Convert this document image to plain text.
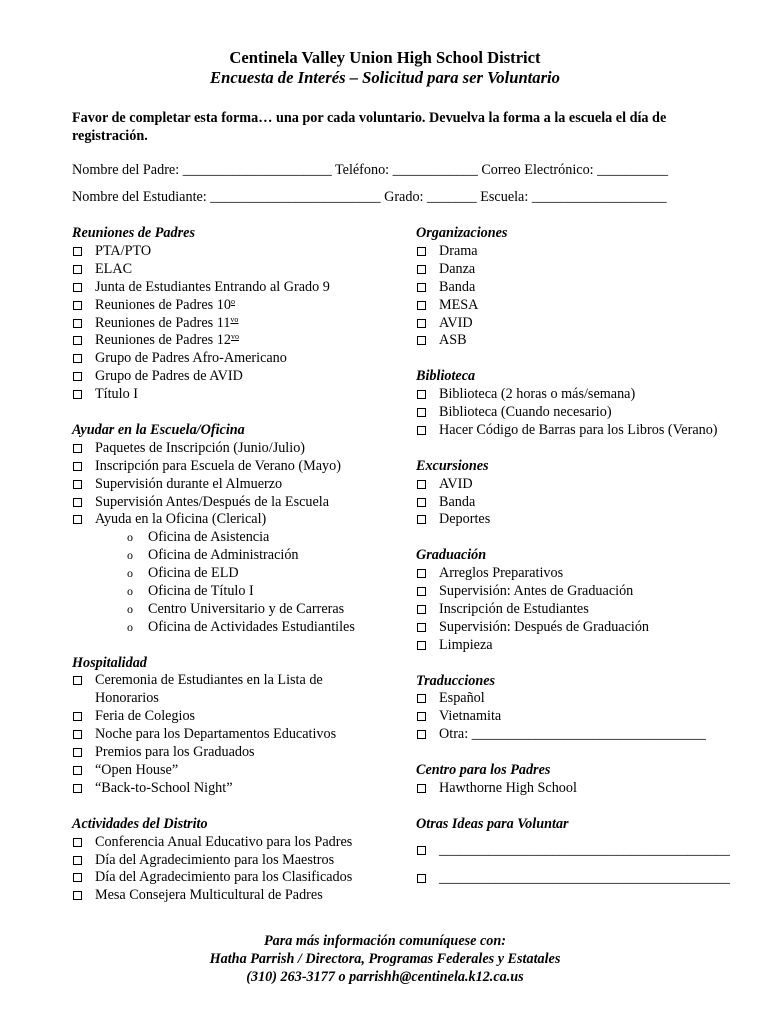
Centinela Valley Union High School District
Encuesta de Interés – Solicitud para ser Voluntario
Favor de completar esta forma… una por cada voluntario. Devuelva la forma a la escuela el día de registración.
Nombre del Padre: _____________________ Teléfono: ____________ Correo Electrónico: __________
Nombre del Estudiante: ________________________ Grado: _______ Escuela: ___________________
Reuniones de Padres
PTA/PTO
ELAC
Junta de Estudiantes Entrando al Grado 9
Reuniones de Padres 10$^o$
Reuniones de Padres $11^{vo}$
Reuniones de Padres $12^{vo}$
Grupo de Padres Afro-Americano
Grupo de Padres de AVID
Título I
Ayudar en la Escuela/Oficina
Paquetes de Inscripción (Junio/Julio)
Inscripción para Escuela de Verano (Mayo)
Supervisión durante el Almuerzo
Supervisión Antes/Después de la Escuela
Ayuda en la Oficina (Clerical)
o Oficina de Asistencia
o Oficina de Administración
o Oficina de ELD
o Oficina de Título I
o Centro Universitario y de Carreras
o Oficina de Actividades Estudiantiles
Hospitalidad
Ceremonia de Estudiantes en la Lista de Honorarios
Feria de Colegios
Noche para los Departamentos Educativos
Premios para los Graduados
“Open House”
“Back-to-School Night”
Actividades del Distrito
Conferencia Anual Educativo para los Padres
Día del Agradecimiento para los Maestros
Día del Agradecimiento para los Clasificados
Mesa Consejera Multicultural de Padres
Organizaciones
Drama
Danza
Banda
MESA
AVID
ASB
Biblioteca
Biblioteca (2 horas o más/semana)
Biblioteca (Cuando necesario)
Hacer Código de Barras para los Libros (Verano)
Excursiones
AVID
Banda
Deportes
Graduación
Arreglos Preparativos
Supervisión: Antes de Graduación
Inscripción de Estudiantes
Supervisión: Después de Graduación
Limpieza
Traducciones
Español
Vietnamita
Otra: _________________________________
Centro para los Padres
Hawthorne High School
Otras Ideas para Voluntar
_________________________________________
_________________________________________
Para más información comuníquese con:
Hatha Parrish / Directora, Programas Federales y Estatales
(310) 263-3177 o parrishh@centinela.k12.ca.us
